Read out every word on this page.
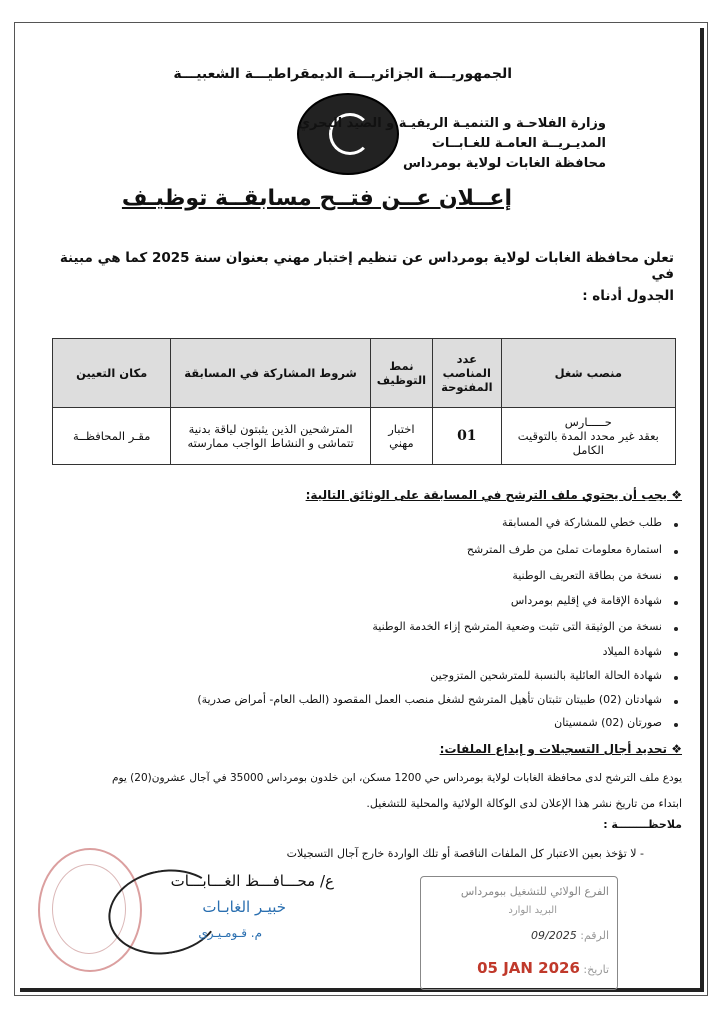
الجمهوريـــة الجزائريـــة الديمقراطيـــة الشعبيـــة
وزارة الفلاحـة و التنميـة الريفيـة و الصيد البحري
المديـريــة العامـة للغـابــات
محافظة الغابات لولاية بومرداس
إعــلان عــن فتــح مسابقــة توظيـف
تعلن محافظة الغابات لولاية بومرداس عن تنظيم إختبار مهني بعنوان سنة 2025 كما هي مبينة في
الجدول أدناه :
منصب شغل	عدد المناصب المفتوحة	نمط التوظيف	شروط المشاركة في المسابقة	مكان التعيين

حـــــارس
بعقد غير محدد المدة بالتوقيت الكامل	01	اختبار مهني	المترشحين الذين يثبتون لياقة بدنية تتماشى و النشاط الواجب ممارسته	مقـر المحافظــة
❖ يجب أن يحتوي ملف الترشح في المسابقة على الوثائق التالية:
طلب خطي للمشاركة في المسابقة
استمارة معلومات تملئ من طرف المترشح
نسخة من بطاقة التعريف الوطنية
شهادة الإقامة في إقليم بومرداس
نسخة من الوثيقة التى تثبت وضعية المترشح إزاء الخدمة الوطنية
شهادة الميلاد
شهادة الحالة العائلية بالنسبة للمترشحين المتزوجين
شهادتان (02) طبيتان تثبتان تأهيل المترشح لشغل منصب العمل المقصود (الطب العام- أمراض صدرية)
صورتان (02) شمسيتان
❖ تحديد أجال التسجيلات و إيداع الملفات:
يودع ملف الترشح لدى محافظة الغابات لولاية بومرداس حي 1200 مسكن، ابن خلدون بومرداس 35000 في آجال عشرون(20) يوم
ابتداء من تاريخ نشر هذا الإعلان لدى الوكالة الولائية والمحلية للتشغيل.
ملاحظــــــــة :
- لا تؤخذ بعين الاعتبار كل الملفات الناقصة أو تلك الواردة خارج آجال التسجيلات
ع/ محـــافـــظ الغـــابـــات
خبيـر الغابـات
م. قـومـيـري
الفرع الولائي للتشغيل ببومرداس
البريد الوارد
الرقم: 09/2025
تاريخ: 05 JAN 2026
